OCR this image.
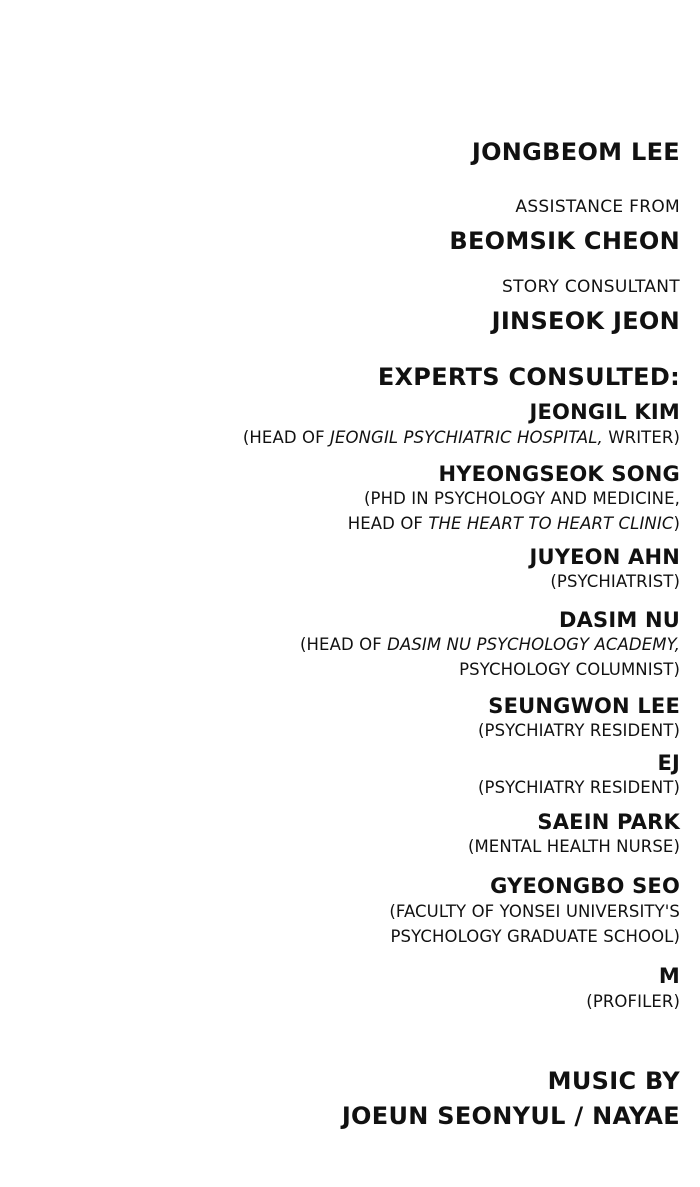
JONGBEOM LEE
ASSISTANCE FROM
BEOMSIK CHEON
STORY CONSULTANT
JINSEOK JEON
EXPERTS CONSULTED:
JEONGIL KIM
(HEAD OF JEONGIL PSYCHIATRIC HOSPITAL, WRITER)
HYEONGSEOK SONG
(PHD IN PSYCHOLOGY AND MEDICINE,
HEAD OF THE HEART TO HEART CLINIC)
JUYEON AHN
(PSYCHIATRIST)
DASIM NU
(HEAD OF DASIM NU PSYCHOLOGY ACADEMY,
PSYCHOLOGY COLUMNIST)
SEUNGWON LEE
(PSYCHIATRY RESIDENT)
EJ
(PSYCHIATRY RESIDENT)
SAEIN PARK
(MENTAL HEALTH NURSE)
GYEONGBO SEO
(FACULTY OF YONSEI UNIVERSITY'S
PSYCHOLOGY GRADUATE SCHOOL)
M
(PROFILER)
MUSIC BY
JOEUN SEONYUL / NAYAE
